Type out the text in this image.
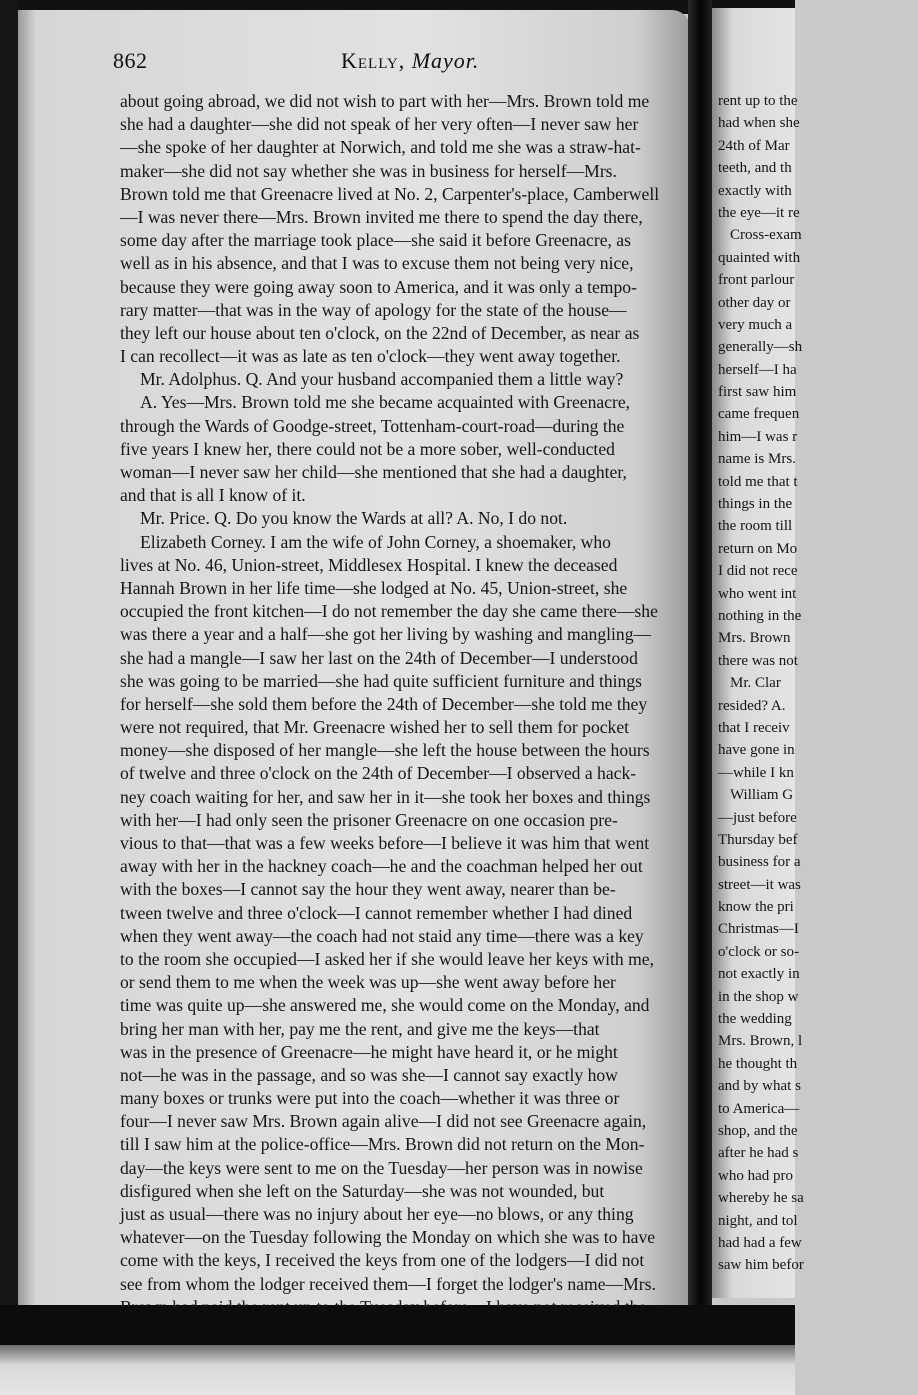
862	Kelly, Mayor.
about going abroad, we did not wish to part with her—Mrs. Brown told me
she had a daughter—she did not speak of her very often—I never saw her
—she spoke of her daughter at Norwich, and told me she was a straw-hat-
maker—she did not say whether she was in business for herself—Mrs.
Brown told me that Greenacre lived at No. 2, Carpenter's-place, Camberwell
—I was never there—Mrs. Brown invited me there to spend the day there,
some day after the marriage took place—she said it before Greenacre, as
well as in his absence, and that I was to excuse them not being very nice,
because they were going away soon to America, and it was only a tempo-
rary matter—that was in the way of apology for the state of the house—
they left our house about ten o'clock, on the 22nd of December, as near as
I can recollect—it was as late as ten o'clock—they went away together.
Mr. Adolphus. Q. And your husband accompanied them a little way?
A. Yes—Mrs. Brown told me she became acquainted with Greenacre,
through the Wards of Goodge-street, Tottenham-court-road—during the
five years I knew her, there could not be a more sober, well-conducted
woman—I never saw her child—she mentioned that she had a daughter,
and that is all I know of it.
Mr. Price. Q. Do you know the Wards at all? A. No, I do not.
Elizabeth Corney. I am the wife of John Corney, a shoemaker, who
lives at No. 46, Union-street, Middlesex Hospital. I knew the deceased
Hannah Brown in her life time—she lodged at No. 45, Union-street, she
occupied the front kitchen—I do not remember the day she came there—she
was there a year and a half—she got her living by washing and mangling—
she had a mangle—I saw her last on the 24th of December—I understood
she was going to be married—she had quite sufficient furniture and things
for herself—she sold them before the 24th of December—she told me they
were not required, that Mr. Greenacre wished her to sell them for pocket
money—she disposed of her mangle—she left the house between the hours
of twelve and three o'clock on the 24th of December—I observed a hack-
ney coach waiting for her, and saw her in it—she took her boxes and things
with her—I had only seen the prisoner Greenacre on one occasion pre-
vious to that—that was a few weeks before—I believe it was him that went
away with her in the hackney coach—he and the coachman helped her out
with the boxes—I cannot say the hour they went away, nearer than be-
tween twelve and three o'clock—I cannot remember whether I had dined
when they went away—the coach had not staid any time—there was a key
to the room she occupied—I asked her if she would leave her keys with me,
or send them to me when the week was up—she went away before her
time was quite up—she answered me, she would come on the Monday, and
bring her man with her, pay me the rent, and give me the keys—that
was in the presence of Greenacre—he might have heard it, or he might
not—he was in the passage, and so was she—I cannot say exactly how
many boxes or trunks were put into the coach—whether it was three or
four—I never saw Mrs. Brown again alive—I did not see Greenacre again,
till I saw him at the police-office—Mrs. Brown did not return on the Mon-
day—the keys were sent to me on the Tuesday—her person was in nowise
disfigured when she left on the Saturday—she was not wounded, but
just as usual—there was no injury about her eye—no blows, or any thing
whatever—on the Tuesday following the Monday on which she was to have
come with the keys, I received the keys from one of the lodgers—I did not
see from whom the lodger received them—I forget the lodger's name—Mrs.
rent up to the
had when she
24th of Mar
teeth, and th
exactly with
the eye—it re
Cross-exam
quainted with
front parlour
other day or
very much a
generally—sh
herself—I ha
first saw him
came frequen
him—I was r
name is Mrs.
told me that t
things in the
the room till
return on Mo
I did not rece
who went int
nothing in the
Mrs. Brown
there was not
Mr. Clar
resided? A.
that I receiv
have gone in
—while I kn
William G
—just before
Thursday bef
business for a
street—it was
know the pri
Christmas—I
o'clock or so-
not exactly in
in the shop w
the wedding
Mrs. Brown, l
he thought th
and by what s
to America—
shop, and the
after he had s
who had pro
whereby he sa
night, and tol
had had a few
saw him befor
